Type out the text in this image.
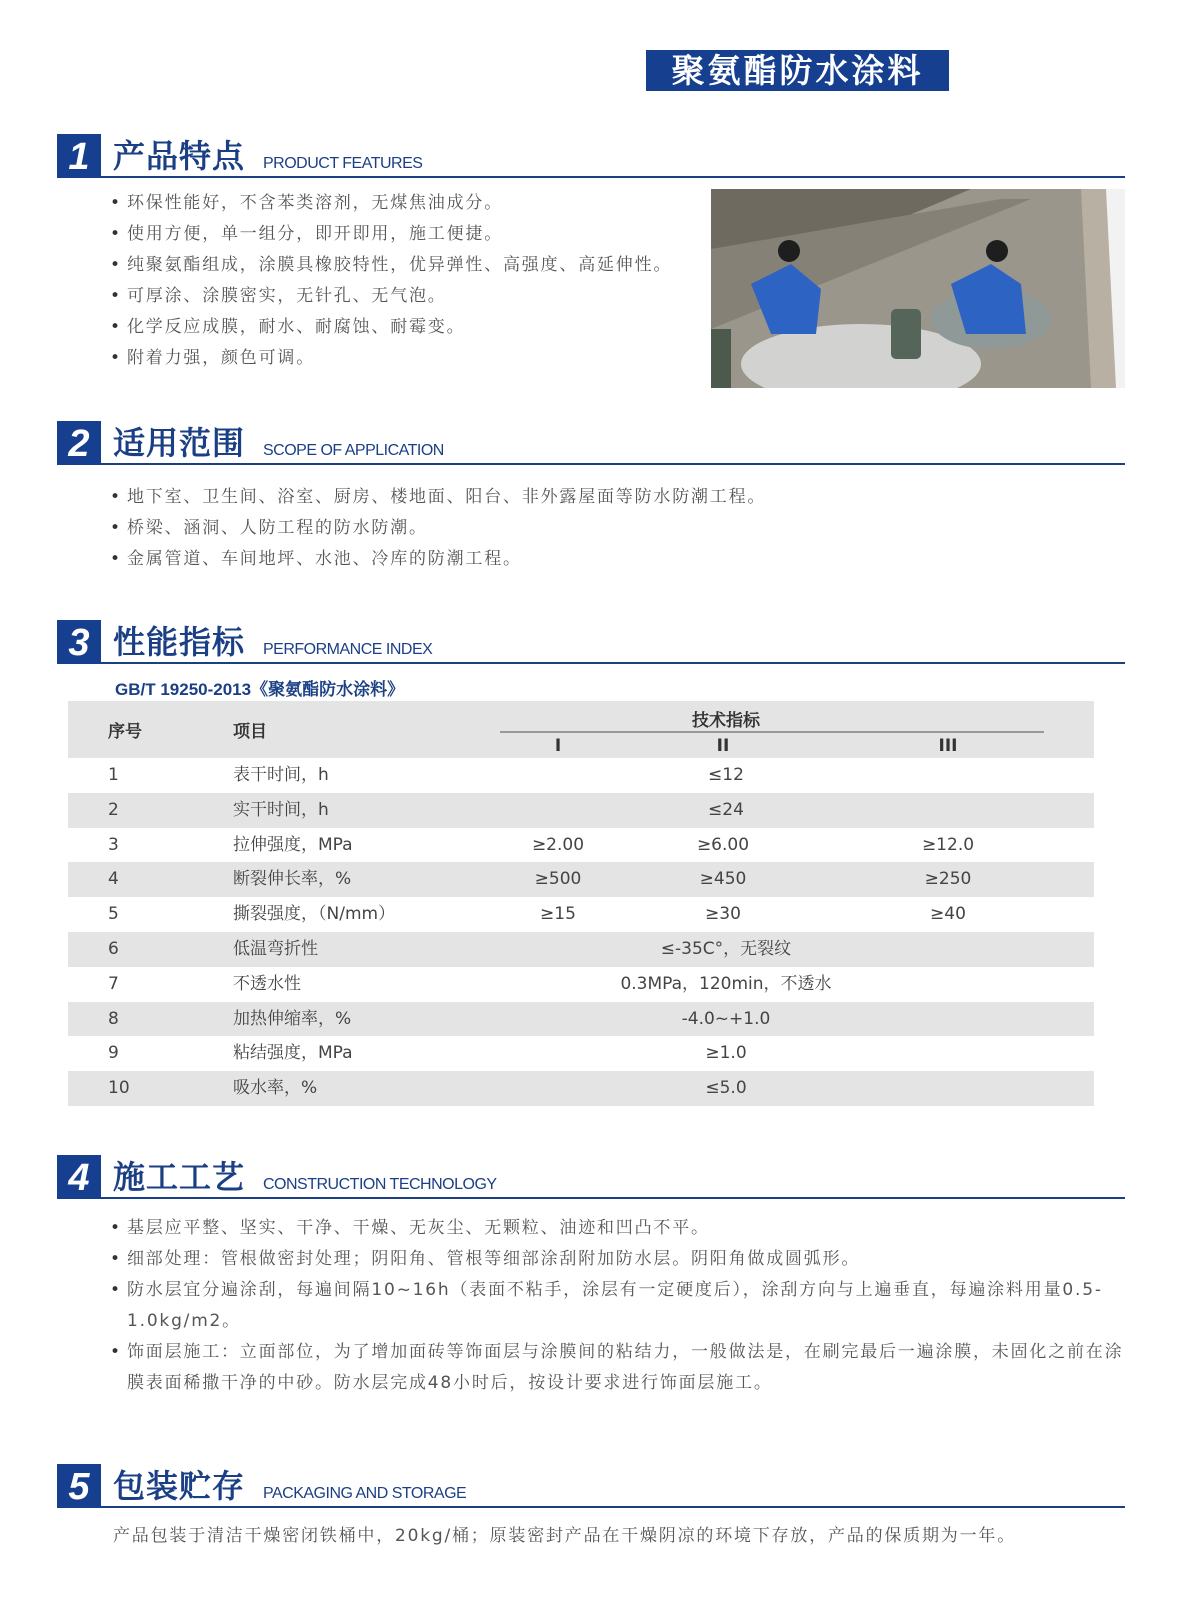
聚氨酯防水涂料
1 产品特点 PRODUCT FEATURES
• 环保性能好，不含苯类溶剂，无煤焦油成分。
• 使用方便，单一组分，即开即用，施工便捷。
• 纯聚氨酯组成，涂膜具橡胶特性，优异弹性、高强度、高延伸性。
• 可厚涂、涂膜密实，无针孔、无气泡。
• 化学反应成膜，耐水、耐腐蚀、耐霉变。
• 附着力强，颜色可调。
2 适用范围 SCOPE OF APPLICATION
• 地下室、卫生间、浴室、厨房、楼地面、阳台、非外露屋面等防水防潮工程。
• 桥梁、涵洞、人防工程的防水防潮。
• 金属管道、车间地坪、水池、冷库的防潮工程。
3 性能指标 PERFORMANCE INDEX
GB/T 19250-2013《聚氨酯防水涂料》
序号	项目
技术指标
I	II	III
1	表干时间，h	≤12
2	实干时间，h	≤24
3	拉伸强度，MPa	≥2.00	≥6.00	≥12.0
4	断裂伸长率，%	≥500	≥450	≥250
5	撕裂强度，（N/mm）	≥15	≥30	≥40
6	低温弯折性	≤-35C°，无裂纹
7	不透水性	0.3MPa，120min，不透水
8	加热伸缩率，%	-4.0~+1.0
9	粘结强度，MPa	≥1.0
10	吸水率，%	≤5.0
4 施工工艺 CONSTRUCTION TECHNOLOGY
• 基层应平整、坚实、干净、干燥、无灰尘、无颗粒、油迹和凹凸不平。
• 细部处理：管根做密封处理；阴阳角、管根等细部涂刮附加防水层。阴阳角做成圆弧形。
• 防水层宜分遍涂刮，每遍间隔10~16h（表面不粘手，涂层有一定硬度后），涂刮方向与上遍垂直，每遍涂料用量0.5-1.0kg/m2。
• 饰面层施工：立面部位，为了增加面砖等饰面层与涂膜间的粘结力，一般做法是，在刷完最后一遍涂膜，未固化之前在涂膜表面稀撒干净的中砂。防水层完成48小时后，按设计要求进行饰面层施工。
5 包装贮存 PACKAGING AND STORAGE
产品包装于清洁干燥密闭铁桶中，20kg/桶；原装密封产品在干燥阴凉的环境下存放，产品的保质期为一年。
